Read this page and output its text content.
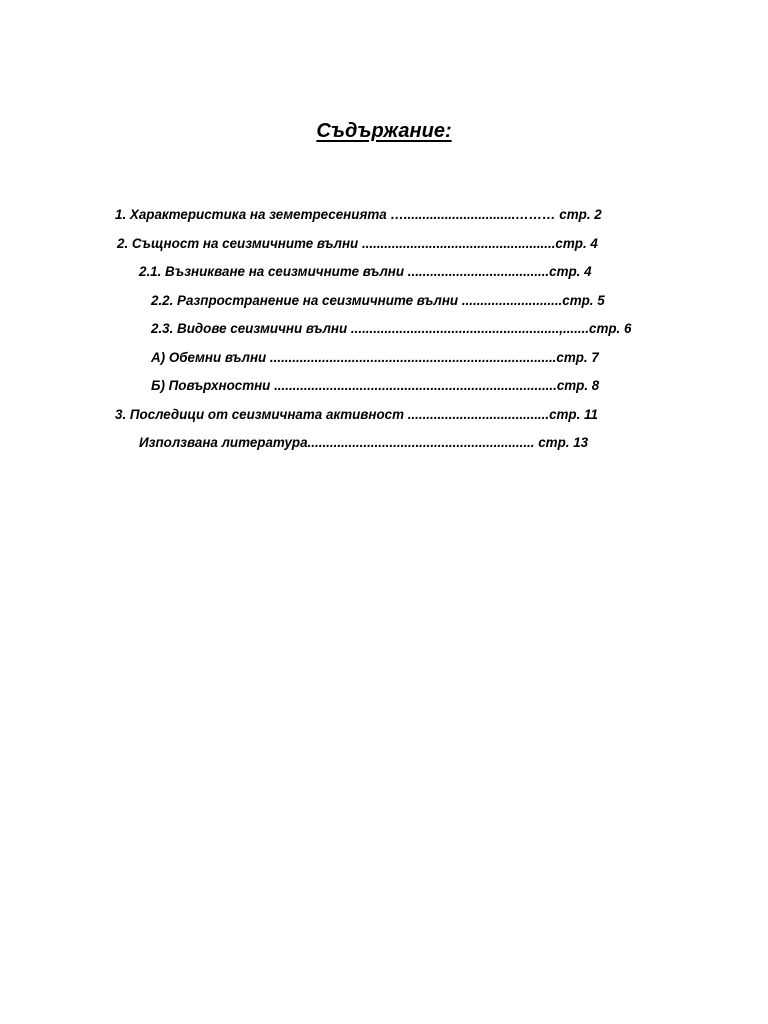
Съдържание:

1. Характеристика на земетресенията …..............................……… стр. 2

2. Същност на сеизмичните вълни ....................................................стр. 4

2.1. Възникване на сеизмичните вълни ......................................стр. 4

2.2. Разпространение на сеизмичните вълни ...........................стр. 5

2.3. Видове сеизмични вълни ........................................................,.......стр. 6

А) Обемни вълни .............................................................................стр. 7

Б) Повърхностни ............................................................................стр. 8

3. Последици от сеизмичната активност ......................................стр. 11

Използвана литература............................................................. стр. 13
